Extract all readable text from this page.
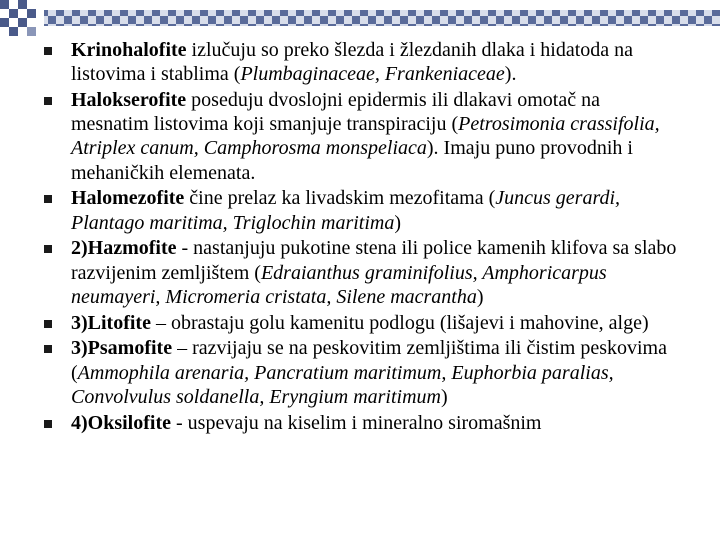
Krinohalofite izlučuju so preko šlezda i žlezdanih dlaka i hidatoda na listovima i stablima (Plumbaginaceae, Frankeniaceae).
Halokserofite poseduju dvoslojni epidermis ili dlakavi omotač na mesnatim listovima koji smanjuje transpiraciju (Petrosimonia crassifolia, Atriplex canum, Camphorosma monspeliaca). Imaju puno provodnih i mehaničkih elemenata.
Halomezofite čine prelaz ka livadskim mezofitama (Juncus gerardi, Plantago maritima, Triglochin maritima)
2)Hazmofite - nastanjuju pukotine stena ili police kamenih klifova sa slabo razvijenim zemljištem (Edraianthus graminifolius, Amphoricarpus neumayeri, Micromeria cristata, Silene macrantha)
3)Litofite – obrastaju golu kamenitu podlogu (lišajevi i mahovine, alge)
3)Psamofite – razvijaju se na peskovitim zemljištima ili čistim peskovima (Ammophila arenaria, Pancratium maritimum, Euphorbia paralias, Convolvulus soldanella, Eryngium maritimum)
4)Oksilofite - uspevaju na kiselim i mineralno siromašnim
